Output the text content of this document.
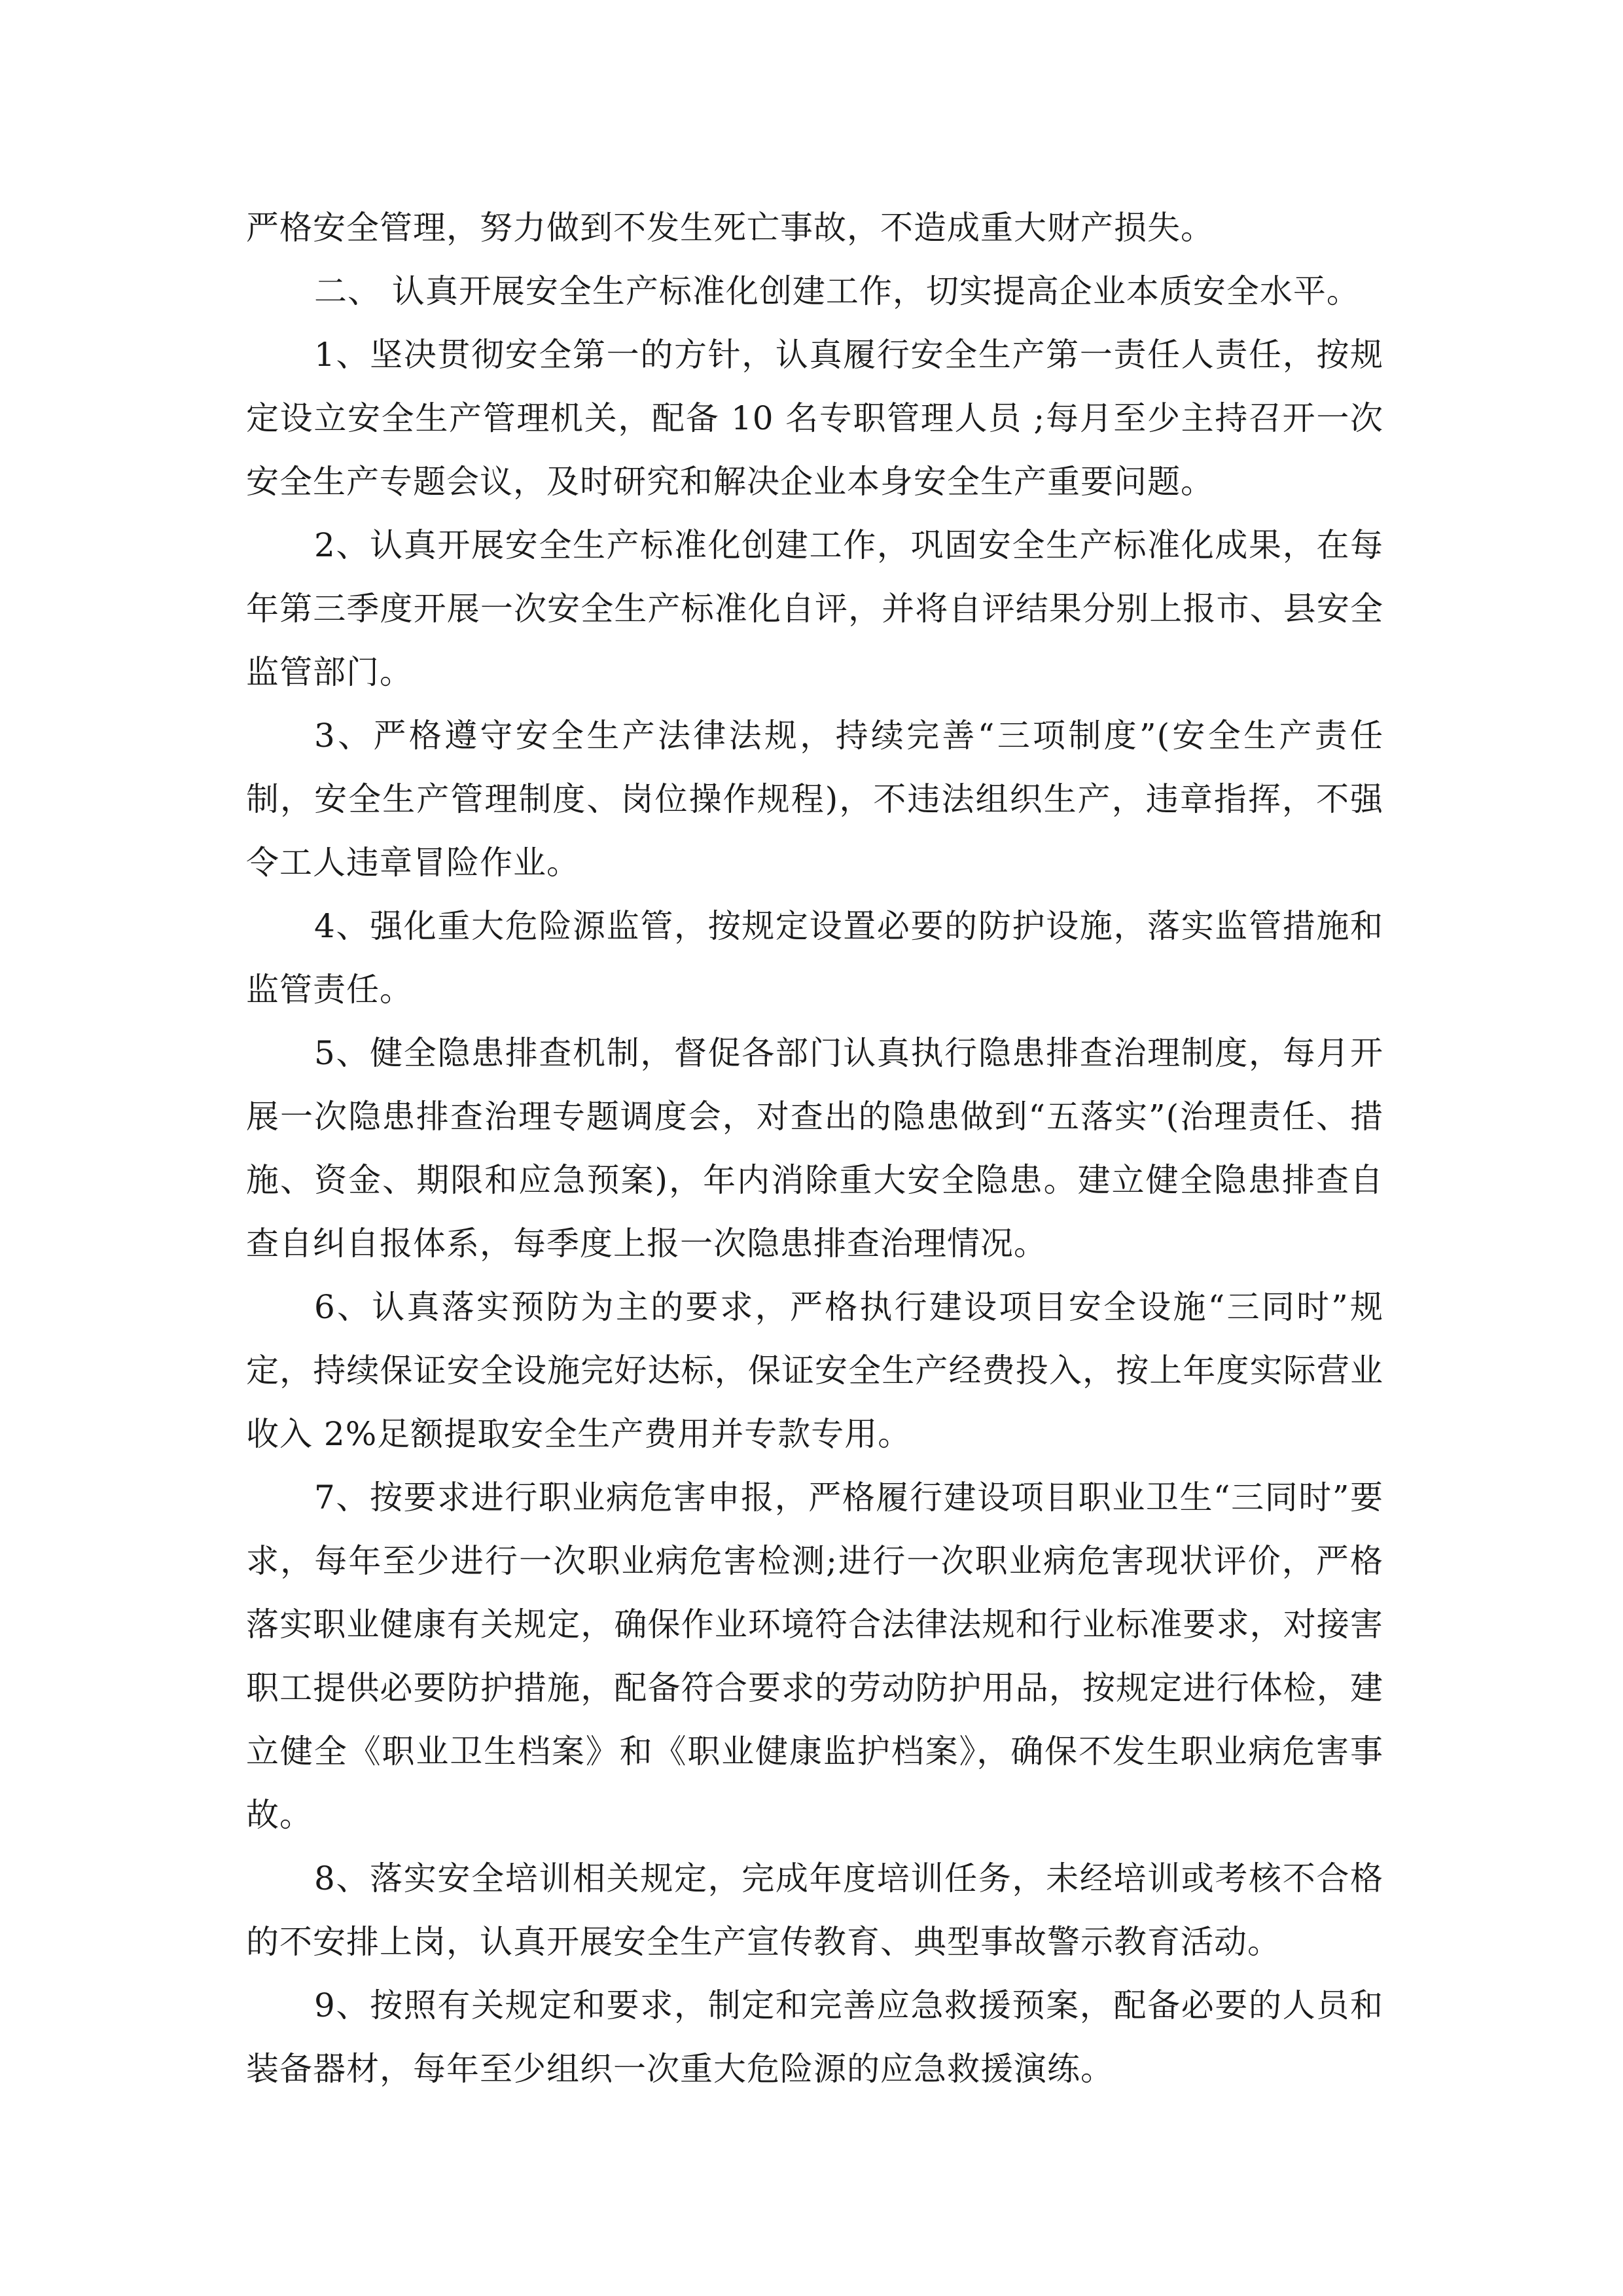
严格安全管理，努力做到不发生死亡事故，不造成重大财产损失。

二、 认真开展安全生产标准化创建工作，切实提高企业本质安全水平。

1、坚决贯彻安全第一的方针，认真履行安全生产第一责任人责任，按规定设立安全生产管理机关，配备 10 名专职管理人员 ;每月至少主持召开一次安全生产专题会议，及时研究和解决企业本身安全生产重要问题。

2、认真开展安全生产标准化创建工作，巩固安全生产标准化成果，在每年第三季度开展一次安全生产标准化自评，并将自评结果分别上报市、县安全监管部门。

3、严格遵守安全生产法律法规，持续完善“三项制度”(安全生产责任制，安全生产管理制度、岗位操作规程)，不违法组织生产，违章指挥，不强令工人违章冒险作业。

4、强化重大危险源监管，按规定设置必要的防护设施，落实监管措施和监管责任。

5、健全隐患排查机制，督促各部门认真执行隐患排查治理制度，每月开展一次隐患排查治理专题调度会，对查出的隐患做到“五落实”(治理责任、措施、资金、期限和应急预案)，年内消除重大安全隐患。建立健全隐患排查自查自纠自报体系，每季度上报一次隐患排查治理情况。

6、认真落实预防为主的要求，严格执行建设项目安全设施“三同时”规定，持续保证安全设施完好达标，保证安全生产经费投入，按上年度实际营业收入 2%足额提取安全生产费用并专款专用。

7、按要求进行职业病危害申报，严格履行建设项目职业卫生“三同时”要求，每年至少进行一次职业病危害检测;进行一次职业病危害现状评价，严格落实职业健康有关规定，确保作业环境符合法律法规和行业标准要求，对接害职工提供必要防护措施，配备符合要求的劳动防护用品，按规定进行体检，建立健全《职业卫生档案》和《职业健康监护档案》，确保不发生职业病危害事故。

8、落实安全培训相关规定，完成年度培训任务，未经培训或考核不合格的不安排上岗，认真开展安全生产宣传教育、典型事故警示教育活动。

9、按照有关规定和要求，制定和完善应急救援预案，配备必要的人员和装备器材，每年至少组织一次重大危险源的应急救援演练。
